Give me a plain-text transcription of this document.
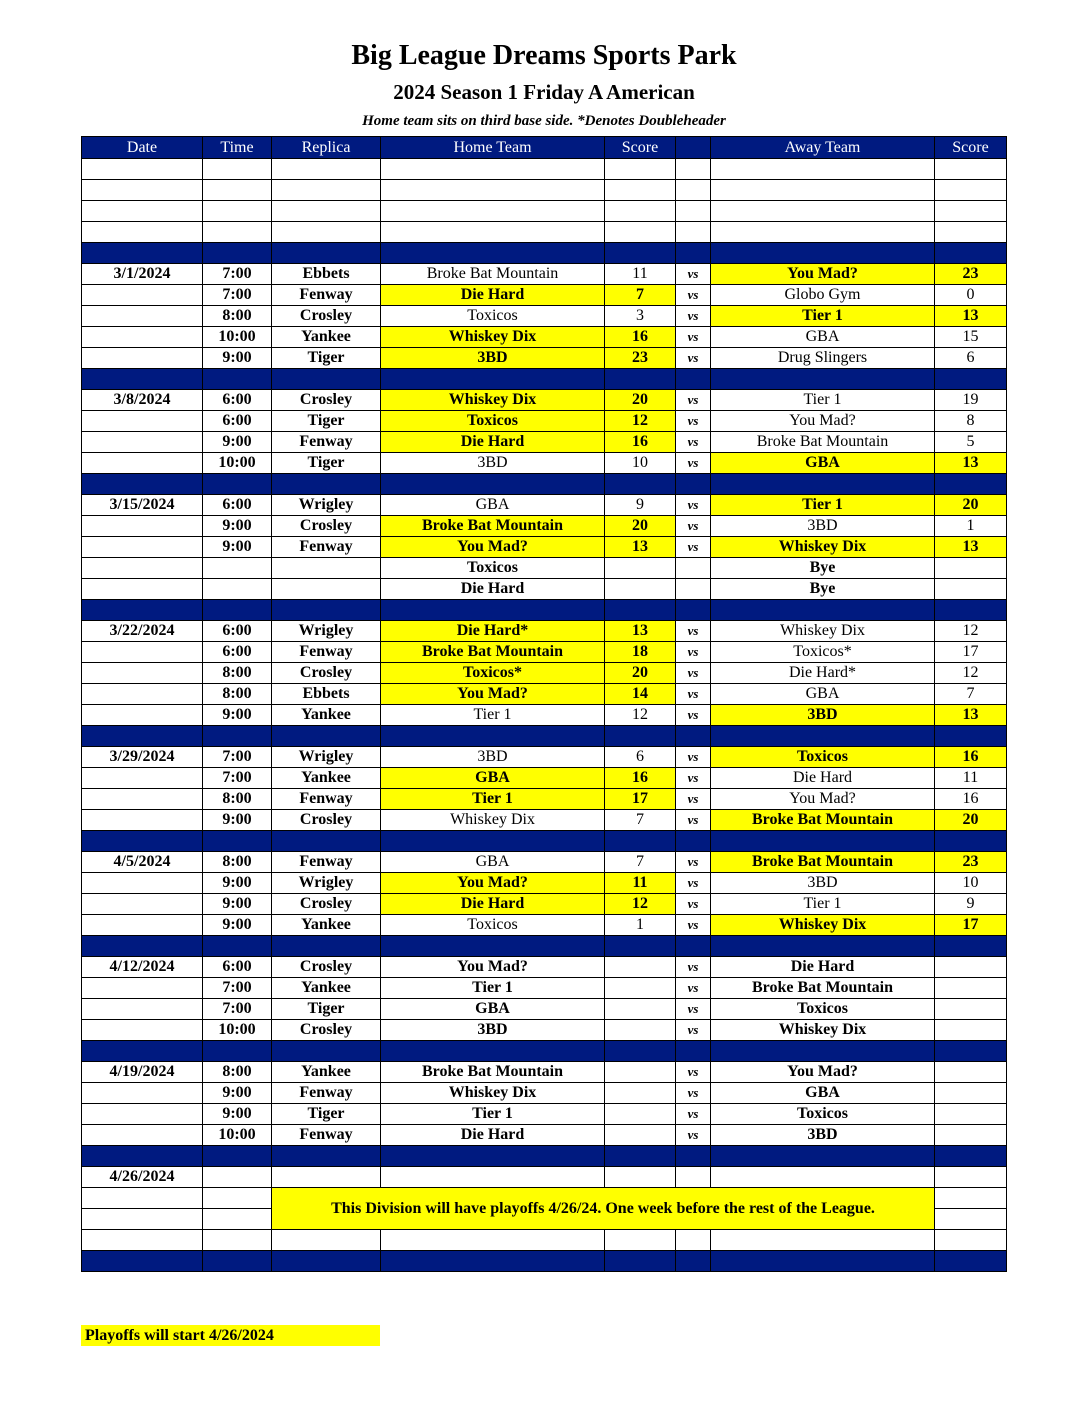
Big League Dreams Sports Park
2024 Season 1 Friday A American
Home team sits on third base side. *Denotes Doubleheader
Date	Time	Replica	Home Team	Score		Away Team	Score

3/1/2024	7:00	Ebbets	Broke Bat Mountain	11	vs	You Mad?	23
	7:00	Fenway	Die Hard	7	vs	Globo Gym	0
	8:00	Crosley	Toxicos	3	vs	Tier 1	13
	10:00	Yankee	Whiskey Dix	16	vs	GBA	15
	9:00	Tiger	3BD	23	vs	Drug Slingers	6

3/8/2024	6:00	Crosley	Whiskey Dix	20	vs	Tier 1	19
	6:00	Tiger	Toxicos	12	vs	You Mad?	8
	9:00	Fenway	Die Hard	16	vs	Broke Bat Mountain	5
	10:00	Tiger	3BD	10	vs	GBA	13

3/15/2024	6:00	Wrigley	GBA	9	vs	Tier 1	20
	9:00	Crosley	Broke Bat Mountain	20	vs	3BD	1
	9:00	Fenway	You Mad?	13	vs	Whiskey Dix	13
			Toxicos			Bye	
			Die Hard			Bye	

3/22/2024	6:00	Wrigley	Die Hard*	13	vs	Whiskey Dix	12
	6:00	Fenway	Broke Bat Mountain	18	vs	Toxicos*	17
	8:00	Crosley	Toxicos*	20	vs	Die Hard*	12
	8:00	Ebbets	You Mad?	14	vs	GBA	7
	9:00	Yankee	Tier 1	12	vs	3BD	13

3/29/2024	7:00	Wrigley	3BD	6	vs	Toxicos	16
	7:00	Yankee	GBA	16	vs	Die Hard	11
	8:00	Fenway	Tier 1	17	vs	You Mad?	16
	9:00	Crosley	Whiskey Dix	7	vs	Broke Bat Mountain	20

4/5/2024	8:00	Fenway	GBA	7	vs	Broke Bat Mountain	23
	9:00	Wrigley	You Mad?	11	vs	3BD	10
	9:00	Crosley	Die Hard	12	vs	Tier 1	9
	9:00	Yankee	Toxicos	1	vs	Whiskey Dix	17

4/12/2024	6:00	Crosley	You Mad?		vs	Die Hard	
	7:00	Yankee	Tier 1		vs	Broke Bat Mountain	
	7:00	Tiger	GBA		vs	Toxicos	
	10:00	Crosley	3BD		vs	Whiskey Dix	

4/19/2024	8:00	Yankee	Broke Bat Mountain		vs	You Mad?	
	9:00	Fenway	Whiskey Dix		vs	GBA	
	9:00	Tiger	Tier 1		vs	Toxicos	
	10:00	Fenway	Die Hard		vs	3BD	

4/26/2024							
		This Division will have playoffs 4/26/24. One week before the rest of the League.					

Playoffs will start 4/26/2024
